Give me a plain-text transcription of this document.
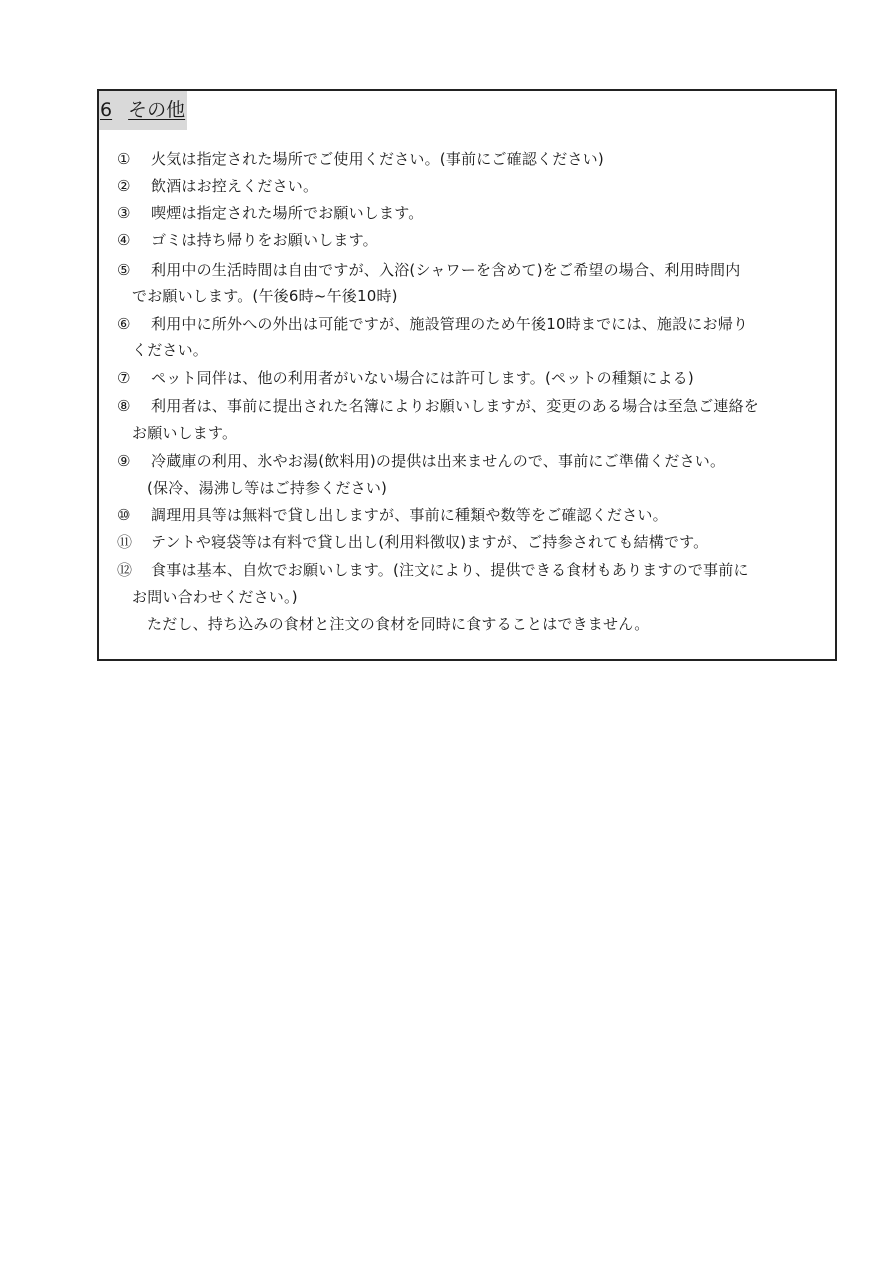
6 その他
① 火気は指定された場所でご使用ください。(事前にご確認ください)
② 飲酒はお控えください。
③ 喫煙は指定された場所でお願いします。
④ ゴミは持ち帰りをお願いします。
⑤ 利用中の生活時間は自由ですが、入浴(シャワーを含めて)をご希望の場合、利用時間内
でお願いします。(午後6時~午後10時)
⑥ 利用中に所外への外出は可能ですが、施設管理のため午後10時までには、施設にお帰り
ください。
⑦ ペット同伴は、他の利用者がいない場合には許可します。(ペットの種類による)
⑧ 利用者は、事前に提出された名簿によりお願いしますが、変更のある場合は至急ご連絡を
お願いします。
⑨ 冷蔵庫の利用、氷やお湯(飲料用)の提供は出来ませんので、事前にご準備ください。
(保冷、湯沸し等はご持参ください)
⑩ 調理用具等は無料で貸し出しますが、事前に種類や数等をご確認ください。
⑪ テントや寝袋等は有料で貸し出し(利用料徴収)ますが、ご持参されても結構です。
⑫ 食事は基本、自炊でお願いします。(注文により、提供できる食材もありますので事前に
お問い合わせください。)
ただし、持ち込みの食材と注文の食材を同時に食することはできません。
